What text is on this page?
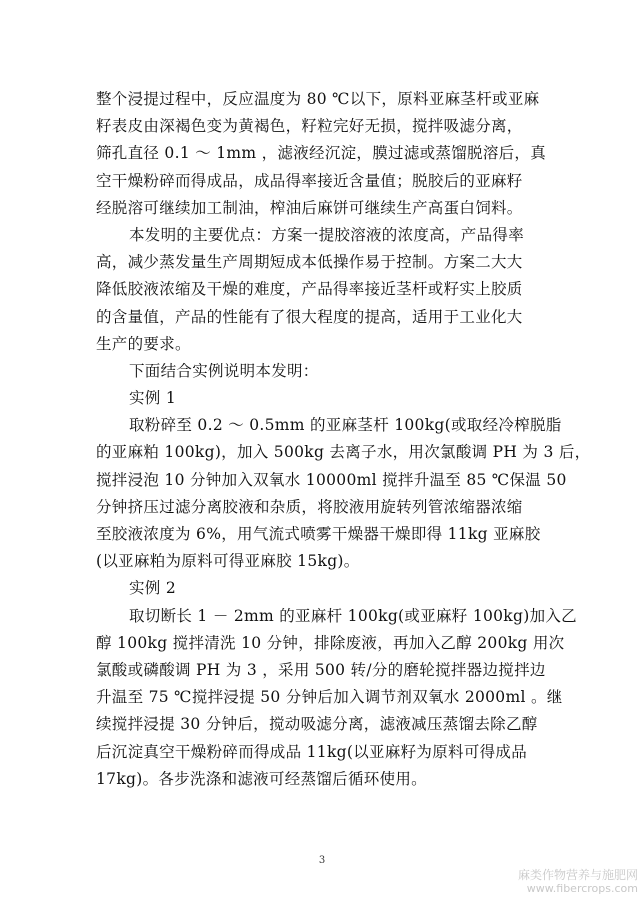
整个浸提过程中，反应温度为 80 ℃以下，原料亚麻茎杆或亚麻
籽表皮由深褐色变为黄褐色，籽粒完好无损，搅拌吸滤分离，
筛孔直径 0.1 ～ 1mm ，滤液经沉淀，膜过滤或蒸馏脱溶后，真
空干燥粉碎而得成品，成品得率接近含量值；脱胶后的亚麻籽
经脱溶可继续加工制油，榨油后麻饼可继续生产高蛋白饲料。
本发明的主要优点：方案一提胶溶液的浓度高，产品得率
高，减少蒸发量生产周期短成本低操作易于控制。方案二大大
降低胶液浓缩及干燥的难度，产品得率接近茎杆或籽实上胶质
的含量值，产品的性能有了很大程度的提高，适用于工业化大
生产的要求。
下面结合实例说明本发明：
实例 1
取粉碎至 0.2 ～ 0.5mm 的亚麻茎杆 100kg(或取经冷榨脱脂
的亚麻粕 100kg)，加入 500kg 去离子水，用次氯酸调 PH 为 3 后，
搅拌浸泡 10 分钟加入双氧水 10000ml 搅拌升温至 85 ℃保温 50
分钟挤压过滤分离胶液和杂质，将胶液用旋转列管浓缩器浓缩
至胶液浓度为 6%，用气流式喷雾干燥器干燥即得 11kg 亚麻胶
(以亚麻粕为原料可得亚麻胶 15kg)。
实例 2
取切断长 1 － 2mm 的亚麻杆 100kg(或亚麻籽 100kg)加入乙
醇 100kg 搅拌清洗 10 分钟，排除废液，再加入乙醇 200kg 用次
氯酸或磷酸调 PH 为 3 ，采用 500 转/分的磨轮搅拌器边搅拌边
升温至 75 ℃搅拌浸提 50 分钟后加入调节剂双氧水 2000ml 。继
续搅拌浸提 30 分钟后，搅动吸滤分离，滤液减压蒸馏去除乙醇
后沉淀真空干燥粉碎而得成品 11kg(以亚麻籽为原料可得成品
17kg)。各步洗涤和滤液可经蒸馏后循环使用。
3
麻类作物营养与施肥网
www.fibercrops.com
